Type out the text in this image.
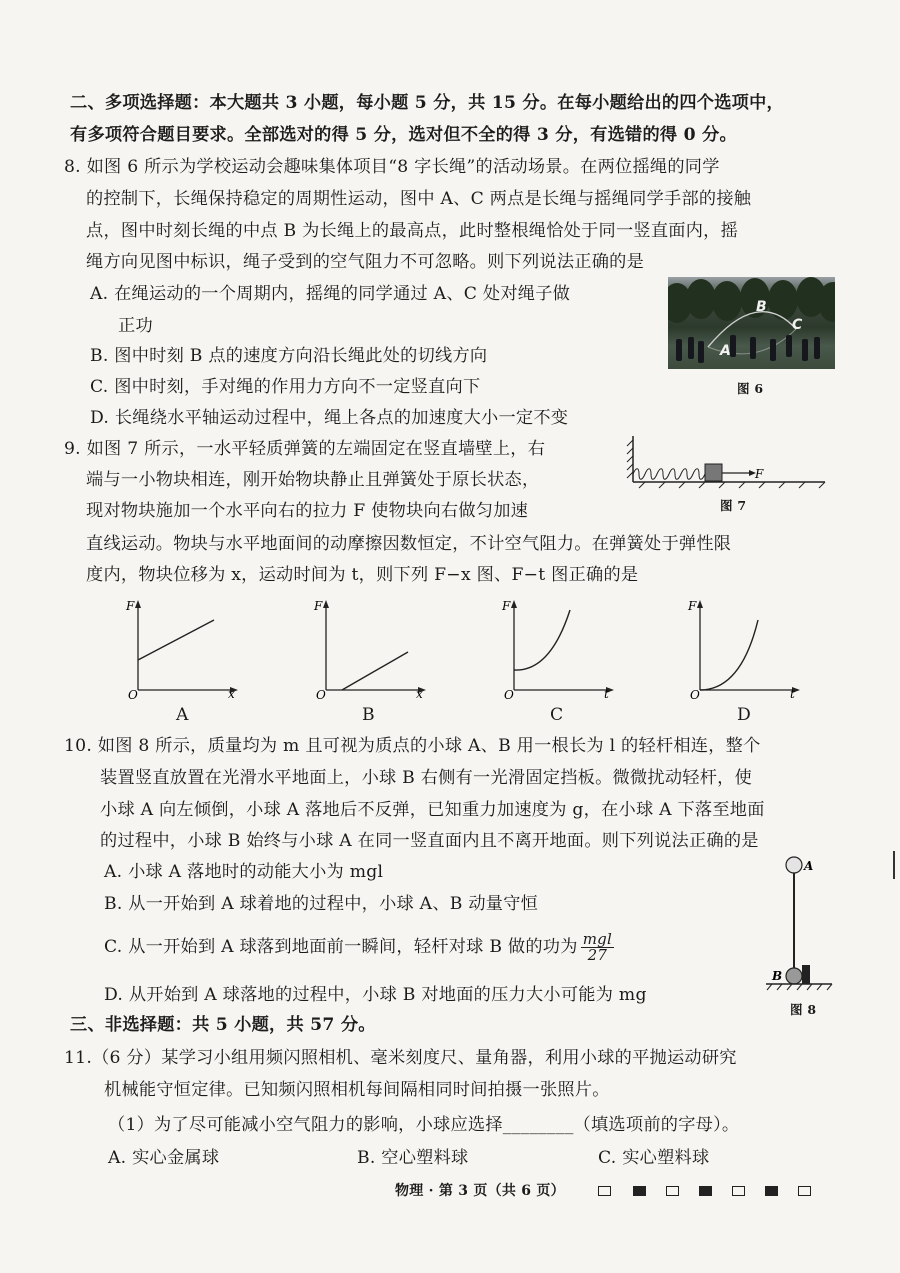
二、多项选择题：本大题共 3 小题，每小题 5 分，共 15 分。在每小题给出的四个选项中，
有多项符合题目要求。全部选对的得 5 分，选对但不全的得 3 分，有选错的得 0 分。
8. 如图 6 所示为学校运动会趣味集体项目“8 字长绳”的活动场景。在两位摇绳的同学
的控制下，长绳保持稳定的周期性运动，图中 A、C 两点是长绳与摇绳同学手部的接触
点，图中时刻长绳的中点 B 为长绳上的最高点，此时整根绳恰处于同一竖直面内，摇
绳方向见图中标识，绳子受到的空气阻力不可忽略。则下列说法正确的是
A. 在绳运动的一个周期内，摇绳的同学通过 A、C 处对绳子做
正功
B. 图中时刻 B 点的速度方向沿长绳此处的切线方向
C. 图中时刻，手对绳的作用力方向不一定竖直向下
D. 长绳绕水平轴运动过程中，绳上各点的加速度大小一定不变
A
B
C
图 6
9. 如图 7 所示，一水平轻质弹簧的左端固定在竖直墙壁上，右
端与一小物块相连，刚开始物块静止且弹簧处于原长状态，
现对物块施加一个水平向右的拉力 F 使物块向右做匀加速
直线运动。物块与水平地面间的动摩擦因数恒定，不计空气阻力。在弹簧处于弹性限
度内，物块位移为 x，运动时间为 t，则下列 F−x 图、F−t 图正确的是
F
图 7
F
x
O
F
x
O
F
t
O
F
t
O
A	B	C	D
10. 如图 8 所示，质量均为 m 且可视为质点的小球 A、B 用一根长为 l 的轻杆相连，整个
装置竖直放置在光滑水平地面上，小球 B 右侧有一光滑固定挡板。微微扰动轻杆，使
小球 A 向左倾倒，小球 A 落地后不反弹，已知重力加速度为 g，在小球 A 下落至地面
的过程中，小球 B 始终与小球 A 在同一竖直面内且不离开地面。则下列说法正确的是
A. 小球 A 落地时的动能大小为 mgl
B. 从一开始到 A 球着地的过程中，小球 A、B 动量守恒
C. 从一开始到 A 球落到地面前一瞬间，轻杆对球 B 做的功为 $\frac{\text{mgl}}{27}$
D. 从开始到 A 球落地的过程中，小球 B 对地面的压力大小可能为 mg
A
B
图 8
三、非选择题：共 5 小题，共 57 分。
11.（6 分）某学习小组用频闪照相机、毫米刻度尺、量角器，利用小球的平抛运动研究
机械能守恒定律。已知频闪照相机每间隔相同时间拍摄一张照片。
（1）为了尽可能减小空气阻力的影响，小球应选择________（填选项前的字母）。
A. 实心金属球	B. 空心塑料球	C. 实心塑料球
物理 · 第 3 页（共 6 页）
